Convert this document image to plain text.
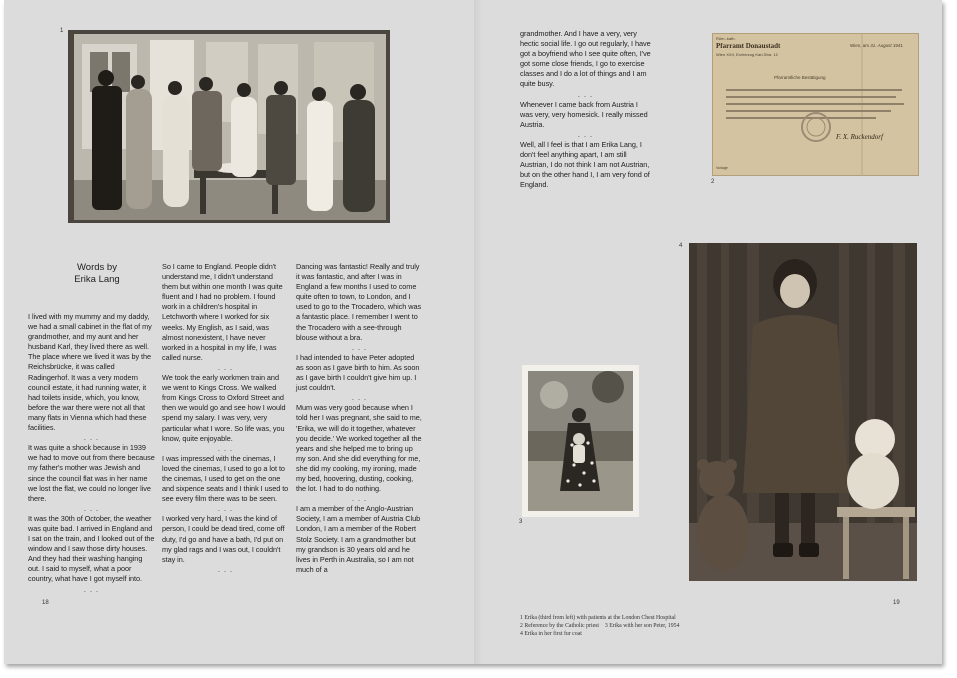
1
18	19
2
3
4
Words by
Erika Lang

I lived with my mummy and my daddy, we had a small cabinet in the flat of my grandmother, and my aunt and her husband Karl, they lived there as well. The place where we lived it was by the Reichsbrücke, it was called Radingerhof. It was a very modern council estate, it had running water, it had toilets inside, which, you know, before the war there were not all that many flats in Vienna which had these facilities.

. . .

It was quite a shock because in 1939 we had to move out from there because my father's mother was Jewish and since the council flat was in her name we lost the flat, we could no longer live there.

. . .

It was the 30th of October, the weather was quite bad. I arrived in England and I sat on the train, and I looked out of the window and I saw those dirty houses. And they had their washing hanging out. I said to myself, what a poor country, what have I got myself into.

. . .

So I came to England. People didn't understand me, I didn't understand them but within one month I was quite fluent and I had no problem. I found work in a children's hospital in Letchworth where I worked for six weeks. My English, as I said, was almost nonexistent, I have never worked in a hospital in my life, I was called nurse.

. . .

We took the early workmen train and we went to Kings Cross. We walked from Kings Cross to Oxford Street and then we would go and see how I would spend my salary. I was very, very particular what I wore. So life was, you know, quite enjoyable.

. . .

I was impressed with the cinemas, I loved the cinemas, I used to go a lot to the cinemas, I used to get on the one and sixpence seats and I think I used to see every film there was to be seen.

. . .

I worked very hard, I was the kind of person, I could be dead tired, come off duty, I'd go and have a bath, I'd put on my glad rags and I was out, I couldn't stay in.

. . .

Dancing was fantastic! Really and truly it was fantastic, and after I was in England a few months I used to come quite often to town, to London, and I used to go to the Trocadero, which was a fantastic place. I remember I went to the Trocadero with a see-through blouse without a bra.

. . .

I had intended to have Peter adopted as soon as I gave birth to him. As soon as I gave birth I couldn't give him up. I just couldn't.

. . .

Mum was very good because when I told her I was pregnant, she said to me, 'Erika, we will do it together, whatever you decide.' We worked together all the years and she helped me to bring up my son. And she did everything for me, she did my cooking, my ironing, made my bed, hoovering, dusting, cooking, the lot. I had to do nothing.

. . .

I am a member of the Anglo-Austrian Society, I am a member of Austria Club London, I am a member of the Robert Stolz Society. I am a grandmother but my grandson is 30 years old and he lives in Perth in Australia, so I am not much of a

grandmother. And I have a very, very hectic social life. I go out regularly, I have got a boyfriend who I see quite often, I've got some close friends, I go to exercise classes and I do a lot of things and I am quite busy.

. . .

Whenever I came back from Austria I was very, very homesick. I really missed Austria.

. . .

Well, all I feel is that I am Erika Lang, I don't feel anything apart, I am still Austrian, I do not think I am not Austrian, but on the other hand I, I am very fond of England.

Röm.-kath.
Pfarramt Donaustadt
Wien XXII, Erzherzog Karl-Stra. 12
Wien, am 31. August 1941
Pfarramtliche Bestätigung
F. X. Ruckendorf
Vorlage
1 Erika (third from left) with patients at the London Chest Hospital
2 Reference by the Catholic priest 3 Erika with her son Peter, 1954
4 Erika in her first fur coat
